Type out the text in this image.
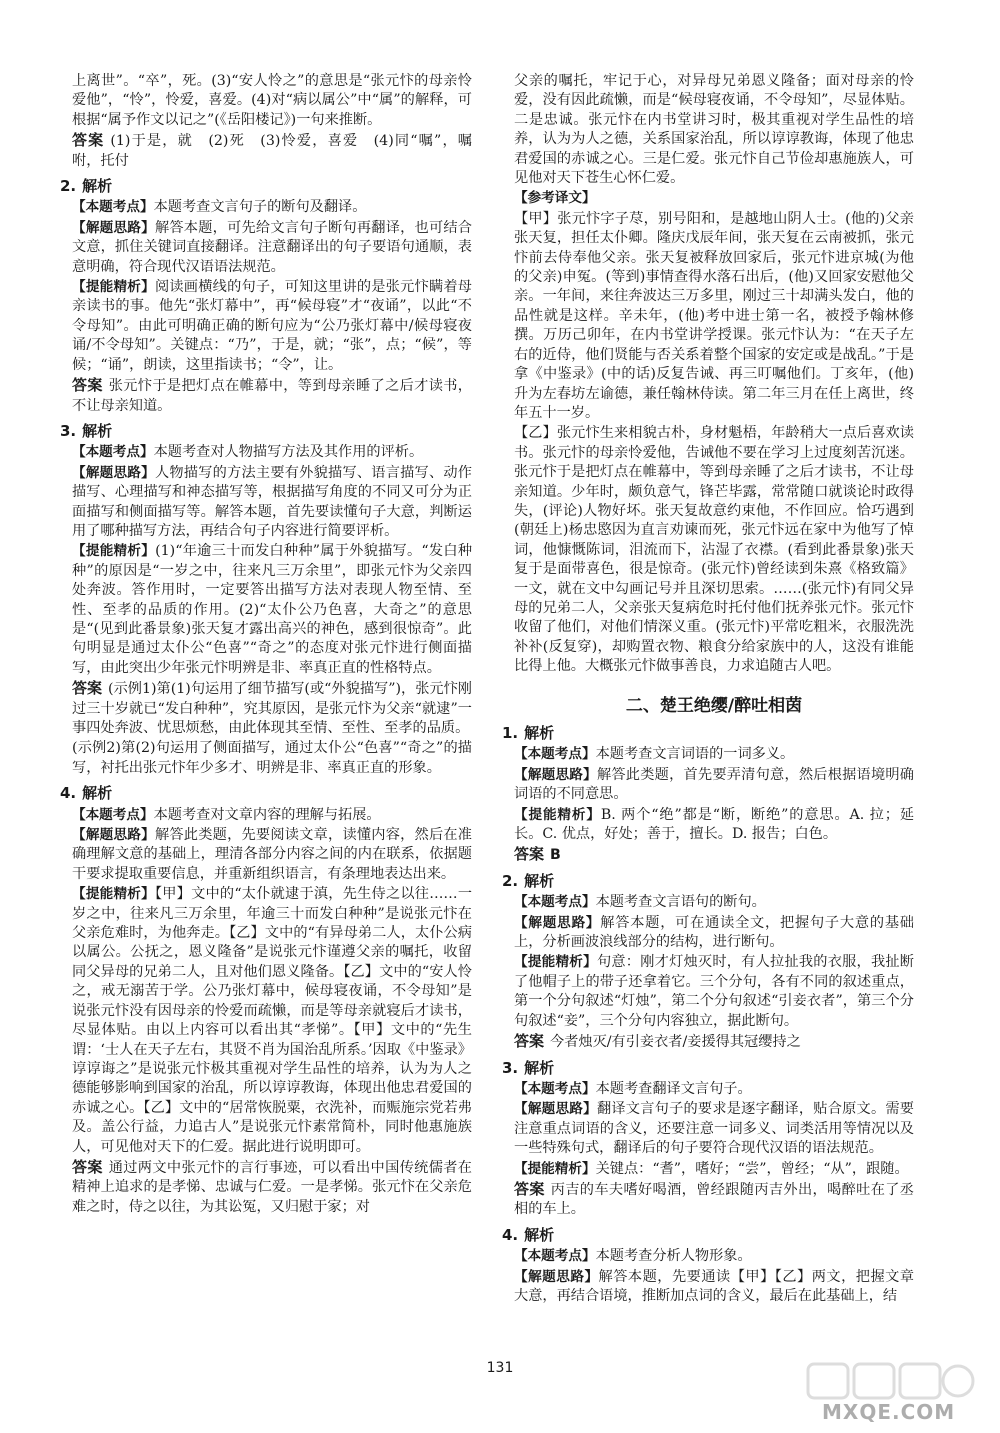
上离世”。“卒”，死。(3)“安人怜之”的意思是“张元忭的母亲怜爱他”，“怜”，怜爱，喜爱。(4)对“病以属公”中“属”的解释，可根据“属予作文以记之”(《岳阳楼记》)一句来推断。

答案 (1)于是，就　(2)死　(3)怜爱，喜爱　(4)同“嘱”，嘱咐，托付

2. 解析

【本题考点】本题考查文言句子的断句及翻译。

【解题思路】解答本题，可先给文言句子断句再翻译，也可结合文意，抓住关键词直接翻译。注意翻译出的句子要语句通顺，表意明确，符合现代汉语语法规范。

【提能精析】阅读画横线的句子，可知这里讲的是张元忭瞒着母亲读书的事。他先“张灯幕中”，再“候母寝”才“夜诵”，以此“不令母知”。由此可明确正确的断句应为“公乃张灯幕中/候母寝夜诵/不令母知”。关键点：“乃”，于是，就；“张”，点；“候”，等候；“诵”，朗读，这里指读书；“令”，让。

答案 张元忭于是把灯点在帷幕中，等到母亲睡了之后才读书，不让母亲知道。

3. 解析

【本题考点】本题考查对人物描写方法及其作用的评析。

【解题思路】人物描写的方法主要有外貌描写、语言描写、动作描写、心理描写和神态描写等，根据描写角度的不同又可分为正面描写和侧面描写等。解答本题，首先要读懂句子大意，判断运用了哪种描写方法，再结合句子内容进行简要评析。

【提能精析】(1)“年逾三十而发白种种”属于外貌描写。“发白种种”的原因是“一岁之中，往来凡三万余里”，即张元忭为父亲四处奔波。答作用时，一定要答出描写方法对表现人物至情、至性、至孝的品质的作用。(2)“太仆公乃色喜，大奇之”的意思是“(见到此番景象)张天复才露出高兴的神色，感到很惊奇”。此句明显是通过太仆公“色喜”“奇之”的态度对张元忭进行侧面描写，由此突出少年张元忭明辨是非、率真正直的性格特点。

答案 (示例1)第(1)句运用了细节描写(或“外貌描写”)，张元忭刚过三十岁就已“发白种种”，究其原因，是张元忭为父亲“就逮”一事四处奔波、忧思烦愁，由此体现其至情、至性、至孝的品质。

(示例2)第(2)句运用了侧面描写，通过太仆公“色喜”“奇之”的描写，衬托出张元忭年少多才、明辨是非、率真正直的形象。

4. 解析

【本题考点】本题考查对文章内容的理解与拓展。

【解题思路】解答此类题，先要阅读文章，读懂内容，然后在准确理解文意的基础上，理清各部分内容之间的内在联系，依据题干要求提取重要信息，并重新组织语言，有条理地表达出来。

【提能精析】【甲】文中的“太仆就逮于滇，先生侍之以往……一岁之中，往来凡三万余里，年逾三十而发白种种”是说张元忭在父亲危难时，为他奔走。【乙】文中的“有异母弟二人，太仆公病以属公。公抚之，恩义隆备”是说张元忭谨遵父亲的嘱托，收留同父异母的兄弟二人，且对他们恩义隆备。【乙】文中的“安人怜之，戒无溺苦于学。公乃张灯幕中，候母寝夜诵，不令母知”是说张元忭没有因母亲的怜爱而疏懒，而是等母亲就寝后才读书，尽显体贴。由以上内容可以看出其“孝悌”。【甲】文中的“先生谓：‘士人在天子左右，其贤不肖为国治乱所系。’因取《中鉴录》谆谆诲之”是说张元忭极其重视对学生品性的培养，认为为人之德能够影响到国家的治乱，所以谆谆教诲，体现出他忠君爱国的赤诚之心。【乙】文中的“居常恢脱粟，衣洗补，而赈施宗党若弗及。盖公行益，力追古人”是说张元忭素常简朴，同时他惠施族人，可见他对天下的仁爱。据此进行说明即可。

答案 通过两文中张元忭的言行事迹，可以看出中国传统儒者在精神上追求的是孝悌、忠诚与仁爱。一是孝悌。张元忭在父亲危难之时，侍之以往，为其讼冤，又归慰于家；对

父亲的嘱托，牢记于心，对异母兄弟恩义隆备；面对母亲的怜爱，没有因此疏懒，而是“候母寝夜诵，不令母知”，尽显体贴。二是忠诚。张元忭在内书堂讲习时，极其重视对学生品性的培养，认为为人之德，关系国家治乱，所以谆谆教诲，体现了他忠君爱国的赤诚之心。三是仁爱。张元忭自己节俭却惠施族人，可见他对天下苍生心怀仁爱。

【参考译文】

【甲】张元忭字子荩，别号阳和，是越地山阴人士。(他的)父亲张天复，担任太仆卿。隆庆戊辰年间，张天复在云南被抓，张元忭前去侍奉他父亲。张天复被释放回家后，张元忭进京城(为他的父亲)申冤。(等到)事情查得水落石出后，(他)又回家安慰他父亲。一年间，来往奔波达三万多里，刚过三十却满头发白，他的品性就是这样。辛未年，(他)考中进士第一名，被授予翰林修撰。万历己卯年，在内书堂讲学授课。张元忭认为：“在天子左右的近侍，他们贤能与否关系着整个国家的安定或是战乱。”于是拿《中鉴录》(中的话)反复告诫、再三叮嘱他们。丁亥年，(他)升为左春坊左谕德，兼任翰林侍读。第二年三月在任上离世，终年五十一岁。

【乙】张元忭生来相貌古朴，身材魁梧，年龄稍大一点后喜欢读书。张元忭的母亲怜爱他，告诫他不要在学习上过度刻苦沉迷。张元忭于是把灯点在帷幕中，等到母亲睡了之后才读书，不让母亲知道。少年时，颇负意气，锋芒毕露，常常随口就谈论时政得失，(评论)人物好坏。张天复故意约束他，不作回应。恰巧遇到(朝廷上)杨忠愍因为直言劝谏而死，张元忭远在家中为他写了悼词，他慷慨陈词，泪流而下，沾湿了衣襟。(看到此番景象)张天复于是面带喜色，很是惊奇。(张元忭)曾经读到朱熹《格致篇》一文，就在文中勾画记号并且深切思索。……(张元忭)有同父异母的兄弟二人，父亲张天复病危时托付他们抚养张元忭。张元忭收留了他们，对他们情深义重。(张元忭)平常吃粗米，衣服洗洗补补(反复穿)，却购置衣物、粮食分给家族中的人，这没有谁能比得上他。大概张元忭做事善良，力求追随古人吧。

二、楚王绝缨/醉吐相茵
1. 解析

【本题考点】本题考查文言词语的一词多义。

【解题思路】解答此类题，首先要弄清句意，然后根据语境明确词语的不同意思。

【提能精析】B. 两个“绝”都是“断，断绝”的意思。A. 拉；延长。C. 优点，好处；善于，擅长。D. 报告；白色。

答案 B

2. 解析

【本题考点】本题考查文言语句的断句。

【解题思路】解答本题，可在通读全文，把握句子大意的基础上，分析画波浪线部分的结构，进行断句。

【提能精析】句意：刚才灯烛灭时，有人拉扯我的衣服，我扯断了他帽子上的带子还拿着它。三个分句，各有不同的叙述重点，第一个分句叙述“灯烛”，第二个分句叙述“引妾衣者”，第三个分句叙述“妾”，三个分句内容独立，据此断句。

答案 今者烛灭/有引妾衣者/妾援得其冠缨持之

3. 解析

【本题考点】本题考查翻译文言句子。

【解题思路】翻译文言句子的要求是逐字翻译，贴合原文。需要注意重点词语的含义，还要注意一词多义、词类活用等情况以及一些特殊句式，翻译后的句子要符合现代汉语的语法规范。

【提能精析】关键点：“耆”，嗜好；“尝”，曾经；“从”，跟随。

答案 丙吉的车夫嗜好喝酒，曾经跟随丙吉外出，喝醉吐在了丞相的车上。

4. 解析

【本题考点】本题考查分析人物形象。

【解题思路】解答本题，先要通读【甲】【乙】两文，把握文章大意，再结合语境，推断加点词的含义，最后在此基础上，结

131
MXQE.COM
